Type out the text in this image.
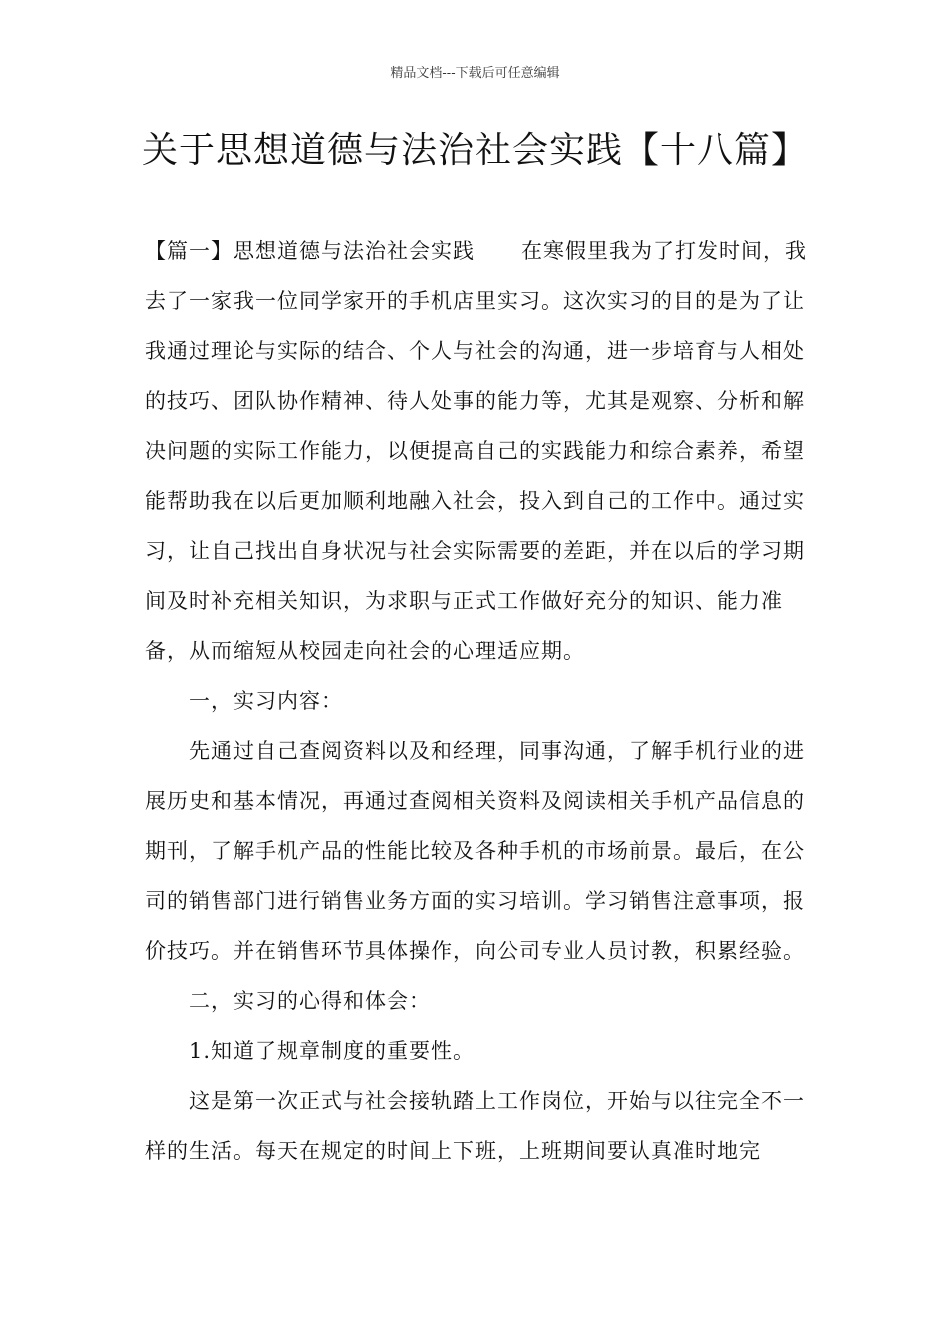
精品文档---下载后可任意编辑
关于思想道德与法治社会实践【十八篇】

【篇一】思想道德与法治社会实践 在寒假里我为了打发时间，我去了一家我一位同学家开的手机店里实习。这次实习的目的是为了让我通过理论与实际的结合、个人与社会的沟通，进一步培育与人相处的技巧、团队协作精神、待人处事的能力等，尤其是观察、分析和解决问题的实际工作能力，以便提高自己的实践能力和综合素养，希望能帮助我在以后更加顺利地融入社会，投入到自己的工作中。通过实习，让自己找出自身状况与社会实际需要的差距，并在以后的学习期间及时补充相关知识，为求职与正式工作做好充分的知识、能力准备，从而缩短从校园走向社会的心理适应期。

一，实习内容：

先通过自己查阅资料以及和经理，同事沟通，了解手机行业的进展历史和基本情况，再通过查阅相关资料及阅读相关手机产品信息的期刊，了解手机产品的性能比较及各种手机的市场前景。最后，在公司的销售部门进行销售业务方面的实习培训。学习销售注意事项，报价技巧。并在销售环节具体操作，向公司专业人员讨教，积累经验。

二，实习的心得和体会：

1.知道了规章制度的重要性。

这是第一次正式与社会接轨踏上工作岗位，开始与以往完全不一样的生活。每天在规定的时间上下班，上班期间要认真准时地完
